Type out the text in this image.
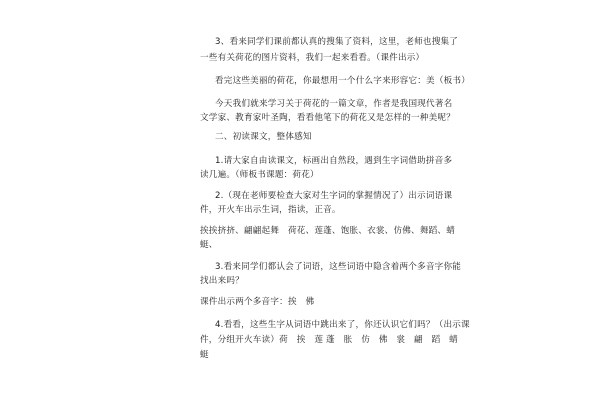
3、看来同学们课前都认真的搜集了资料，这里，老师也搜集了
一些有关荷花的图片资料，我们一起来看看。（课件出示）
看完这些美丽的荷花，你最想用一个什么字来形容它：美（板书）
今天我们就来学习关于荷花的一篇文章，作者是我国现代著名
文学家、教育家叶圣陶，看看他笔下的荷花又是怎样的一种美呢？
二、初读课文，整体感知
1.请大家自由读课文，标画出自然段，遇到生字词借助拼音多
读几遍。（师板书课题：荷花）
2.（现在老师要检查大家对生字词的掌握情况了）出示词语课
件，开火车出示生词，指读，正音。
挨挨挤挤、翩翩起舞　荷花、莲蓬、饱胀、衣裳、仿佛、舞蹈、蜻
蜓、
3.看来同学们都认会了词语，这些词语中隐含着两个多音字你能
找出来吗？
课件出示两个多音字：挨　佛
4.看看，这些生字从词语中跳出来了，你还认识它们吗？（出示课
件，分组开火车读）荷　挨　莲 蓬　胀　仿　佛　裳　翩　蹈　蜻
蜓
